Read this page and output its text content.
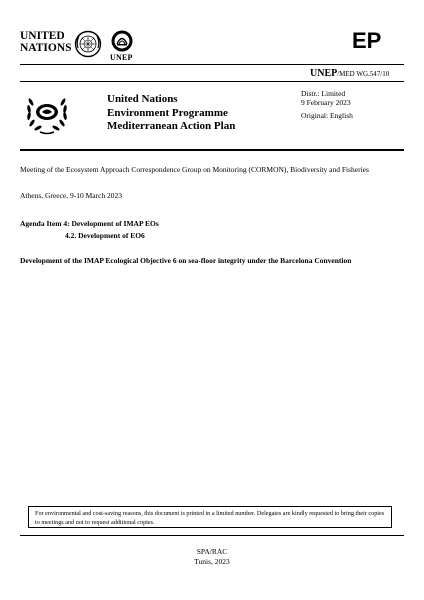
UNITED
NATIONS
UNEP
EP
UNEP/MED WG.547/10
United Nations
Environment Programme
Mediterranean Action Plan
Distr.: Limited
9 February 2023
Original: English
Meeting of the Ecosystem Approach Correspondence Group on Monitoring (CORMON), Biodiversity and Fisheries
Athens, Greece, 9-10 March 2023
Agenda Item 4: Development of IMAP EOs
4.2. Development of EO6
Development of the IMAP Ecological Objective 6 on sea-floor integrity under the Barcelona Convention
For environmental and cost-saving reasons, this document is printed in a limited number. Delegates are kindly requested to bring their copies to meetings and not to request additional copies.
SPA/RAC
Tunis, 2023
